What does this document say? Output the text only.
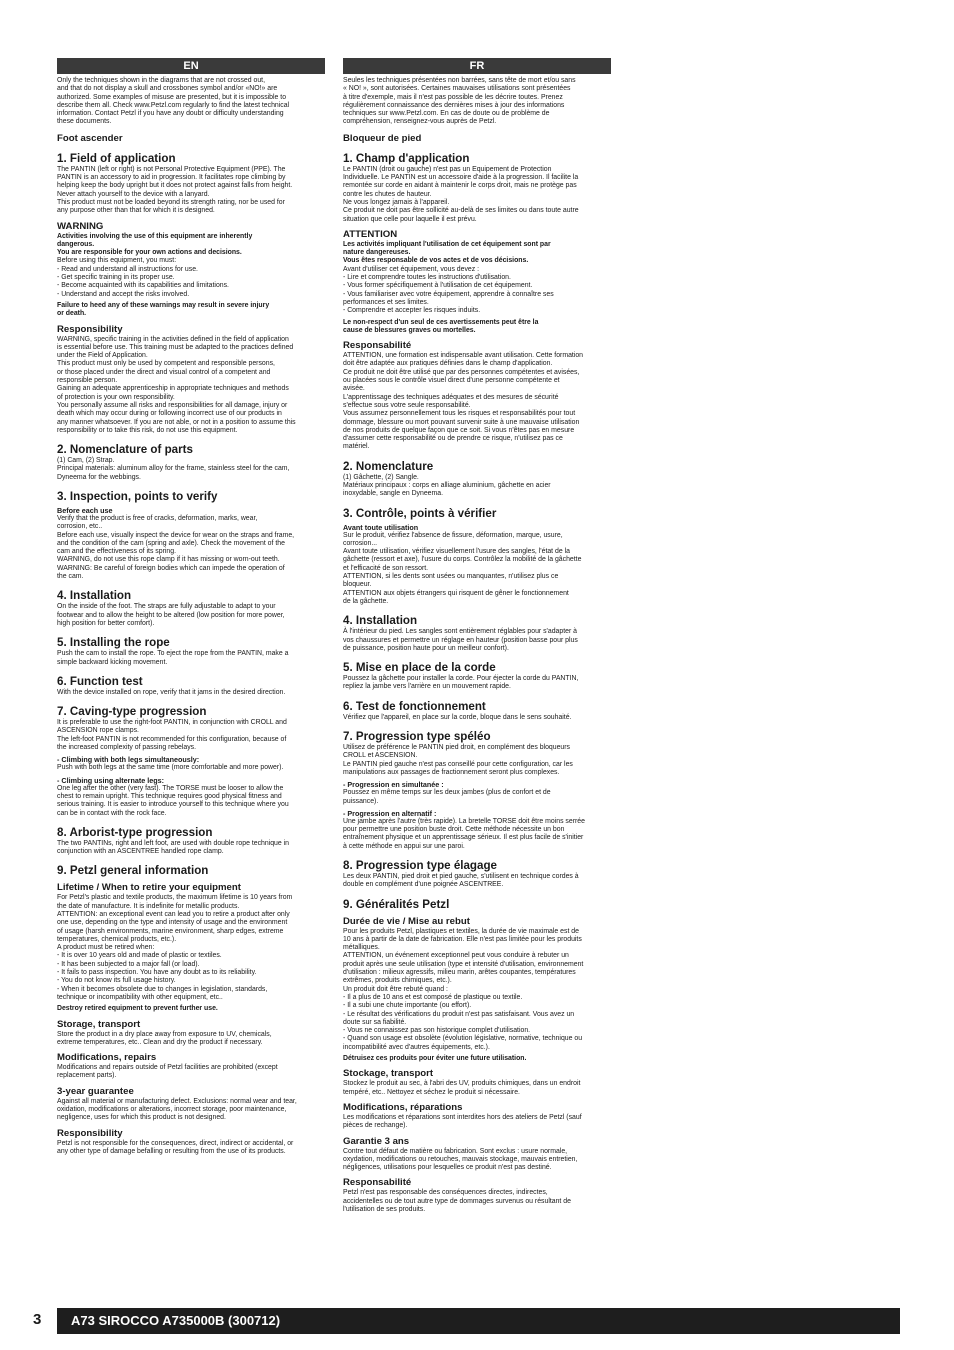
EN

Only the techniques shown in the diagrams that are not crossed out,
and that do not display a skull and crossbones symbol and/or «NO!» are
authorized. Some examples of misuse are presented, but it is impossible to
describe them all. Check www.Petzl.com regularly to find the latest technical
information. Contact Petzl if you have any doubt or difficulty understanding
these documents.

Foot ascender
1. Field of application

The PANTIN (left or right) is not Personal Protective Equipment (PPE). The
PANTIN is an accessory to aid in progression. It facilitates rope climbing by
helping keep the body upright but it does not protect against falls from height.
Never attach yourself to the device with a lanyard.
This product must not be loaded beyond its strength rating, nor be used for
any purpose other than that for which it is designed.

WARNING

Activities involving the use of this equipment are inherently
dangerous.
You are responsible for your own actions and decisions.

Before using this equipment, you must:
- Read and understand all instructions for use.
- Get specific training in its proper use.
- Become acquainted with its capabilities and limitations.
- Understand and accept the risks involved.

Failure to heed any of these warnings may result in severe injury
or death.

Responsibility

WARNING, specific training in the activities defined in the field of application
is essential before use. This training must be adapted to the practices defined
under the Field of Application.
This product must only be used by competent and responsible persons,
or those placed under the direct and visual control of a competent and
responsible person.
Gaining an adequate apprenticeship in appropriate techniques and methods
of protection is your own responsibility.
You personally assume all risks and responsibilities for all damage, injury or
death which may occur during or following incorrect use of our products in
any manner whatsoever. If you are not able, or not in a position to assume this
responsibility or to take this risk, do not use this equipment.

2. Nomenclature of parts

(1) Cam, (2) Strap.
Principal materials: aluminum alloy for the frame, stainless steel for the cam,
Dyneema for the webbings.

3. Inspection, points to verify
Before each use

Verify that the product is free of cracks, deformation, marks, wear,
corrosion, etc..
Before each use, visually inspect the device for wear on the straps and frame,
and the condition of the cam (spring and axle). Check the movement of the
cam and the effectiveness of its spring.
WARNING, do not use this rope clamp if it has missing or worn-out teeth.
WARNING: Be careful of foreign bodies which can impede the operation of
the cam.

4. Installation

On the inside of the foot. The straps are fully adjustable to adapt to your
footwear and to allow the height to be altered (low position for more power,
high position for better comfort).

5. Installing the rope

Push the cam to install the rope. To eject the rope from the PANTIN, make a
simple backward kicking movement.

6. Function test

With the device installed on rope, verify that it jams in the desired direction.

7. Caving-type progression

It is preferable to use the right-foot PANTIN, in conjunction with CROLL and
ASCENSION rope clamps.
The left-foot PANTIN is not recommended for this configuration, because of
the increased complexity of passing rebelays.

- Climbing with both legs simultaneously:

Push with both legs at the same time (more comfortable and more power).

- Climbing using alternate legs:

One leg after the other (very fast). The TORSE must be looser to allow the
chest to remain upright. This technique requires good physical fitness and
serious training. It is easier to introduce yourself to this technique where you
can be in contact with the rock face.

8. Arborist-type progression

The two PANTINs, right and left foot, are used with double rope technique in
conjunction with an ASCENTREE handled rope clamp.

9. Petzl general information
Lifetime / When to retire your equipment

For Petzl's plastic and textile products, the maximum lifetime is 10 years from
the date of manufacture. It is indefinite for metallic products.
ATTENTION: an exceptional event can lead you to retire a product after only
one use, depending on the type and intensity of usage and the environment
of usage (harsh environments, marine environment, sharp edges, extreme
temperatures, chemical products, etc.).
A product must be retired when:
- It is over 10 years old and made of plastic or textiles.
- It has been subjected to a major fall (or load).
- It fails to pass inspection. You have any doubt as to its reliability.
- You do not know its full usage history.
- When it becomes obsolete due to changes in legislation, standards,
technique or incompatibility with other equipment, etc..

Destroy retired equipment to prevent further use.

Storage, transport

Store the product in a dry place away from exposure to UV, chemicals,
extreme temperatures, etc.. Clean and dry the product if necessary.

Modifications, repairs

Modifications and repairs outside of Petzl facilities are prohibited (except
replacement parts).

3-year guarantee

Against all material or manufacturing defect. Exclusions: normal wear and tear,
oxidation, modifications or alterations, incorrect storage, poor maintenance,
negligence, uses for which this product is not designed.

Responsibility

Petzl is not responsible for the consequences, direct, indirect or accidental, or
any other type of damage befalling or resulting from the use of its products.

FR

Seules les techniques présentées non barrées, sans tête de mort et/ou sans
« NO! », sont autorisées. Certaines mauvaises utilisations sont présentées
à titre d'exemple, mais il n'est pas possible de les décrire toutes. Prenez
régulièrement connaissance des dernières mises à jour des informations
techniques sur www.Petzl.com. En cas de doute ou de problème de
compréhension, renseignez-vous auprès de Petzl.

Bloqueur de pied
1. Champ d'application

Le PANTIN (droit ou gauche) n'est pas un Equipement de Protection
Individuelle. Le PANTIN est un accessoire d'aide à la progression. Il facilite la
remontée sur corde en aidant à maintenir le corps droit, mais ne protège pas
contre les chutes de hauteur.
Ne vous longez jamais à l'appareil.
Ce produit ne doit pas être sollicité au-delà de ses limites ou dans toute autre
situation que celle pour laquelle il est prévu.

ATTENTION

Les activités impliquant l'utilisation de cet équipement sont par
nature dangereuses.
Vous êtes responsable de vos actes et de vos décisions.

Avant d'utiliser cet équipement, vous devez :
- Lire et comprendre toutes les instructions d'utilisation.
- Vous former spécifiquement à l'utilisation de cet équipement.
- Vous familiariser avec votre équipement, apprendre à connaître ses
performances et ses limites.
- Comprendre et accepter les risques induits.

Le non-respect d'un seul de ces avertissements peut être la
cause de blessures graves ou mortelles.

Responsabilité

ATTENTION, une formation est indispensable avant utilisation. Cette formation
doit être adaptée aux pratiques définies dans le champ d'application.
Ce produit ne doit être utilisé que par des personnes compétentes et avisées,
ou placées sous le contrôle visuel direct d'une personne compétente et
avisée.
L'apprentissage des techniques adéquates et des mesures de sécurité
s'effectue sous votre seule responsabilité.
Vous assumez personnellement tous les risques et responsabilités pour tout
dommage, blessure ou mort pouvant survenir suite à une mauvaise utilisation
de nos produits de quelque façon que ce soit. Si vous n'êtes pas en mesure
d'assumer cette responsabilité ou de prendre ce risque, n'utilisez pas ce
matériel.

2. Nomenclature

(1) Gâchette, (2) Sangle.
Matériaux principaux : corps en alliage aluminium, gâchette en acier
inoxydable, sangle en Dyneema.

3. Contrôle, points à vérifier
Avant toute utilisation

Sur le produit, vérifiez l'absence de fissure, déformation, marque, usure,
corrosion...
Avant toute utilisation, vérifiez visuellement l'usure des sangles, l'état de la
gâchette (ressort et axe), l'usure du corps. Contrôlez la mobilité de la gâchette
et l'efficacité de son ressort.
ATTENTION, si les dents sont usées ou manquantes, n'utilisez plus ce
bloqueur.
ATTENTION aux objets étrangers qui risquent de gêner le fonctionnement
de la gâchette.

4. Installation

À l'intérieur du pied. Les sangles sont entièrement réglables pour s'adapter à
vos chaussures et permettre un réglage en hauteur (position basse pour plus
de puissance, position haute pour un meilleur confort).

5. Mise en place de la corde

Poussez la gâchette pour installer la corde. Pour éjecter la corde du PANTIN,
repliez la jambe vers l'arrière en un mouvement rapide.

6. Test de fonctionnement

Vérifiez que l'appareil, en place sur la corde, bloque dans le sens souhaité.

7. Progression type spéléo

Utilisez de préférence le PANTIN pied droit, en complément des bloqueurs
CROLL et ASCENSION.
Le PANTIN pied gauche n'est pas conseillé pour cette configuration, car les
manipulations aux passages de fractionnement seront plus complexes.

- Progression en simultanée :

Poussez en même temps sur les deux jambes (plus de confort et de
puissance).

- Progression en alternatif :

Une jambe après l'autre (très rapide). La bretelle TORSE doit être moins serrée
pour permettre une position buste droit. Cette méthode nécessite un bon
entraînement physique et un apprentissage sérieux. Il est plus facile de s'initier
à cette méthode en appui sur une paroi.

8. Progression type élagage

Les deux PANTIN, pied droit et pied gauche, s'utilisent en technique cordes à
double en complément d'une poignée ASCENTREE.

9. Généralités Petzl
Durée de vie / Mise au rebut

Pour les produits Petzl, plastiques et textiles, la durée de vie maximale est de
10 ans à partir de la date de fabrication. Elle n'est pas limitée pour les produits
métalliques.
ATTENTION, un événement exceptionnel peut vous conduire à rebuter un
produit après une seule utilisation (type et intensité d'utilisation, environnement
d'utilisation : milieux agressifs, milieu marin, arêtes coupantes, températures
extrêmes, produits chimiques, etc.).
Un produit doit être rebuté quand :
- Il a plus de 10 ans et est composé de plastique ou textile.
- Il a subi une chute importante (ou effort).
- Le résultat des vérifications du produit n'est pas satisfaisant. Vous avez un
doute sur sa fiabilité.
- Vous ne connaissez pas son historique complet d'utilisation.
- Quand son usage est obsolète (évolution législative, normative, technique ou
incompatibilité avec d'autres équipements, etc.).

Détruisez ces produits pour éviter une future utilisation.

Stockage, transport

Stockez le produit au sec, à l'abri des UV, produits chimiques, dans un endroit
tempéré, etc.. Nettoyez et séchez le produit si nécessaire.

Modifications, réparations

Les modifications et réparations sont interdites hors des ateliers de Petzl (sauf
pièces de rechange).

Garantie 3 ans

Contre tout défaut de matière ou fabrication. Sont exclus : usure normale,
oxydation, modifications ou retouches, mauvais stockage, mauvais entretien,
négligences, utilisations pour lesquelles ce produit n'est pas destiné.

Responsabilité

Petzl n'est pas responsable des conséquences directes, indirectes,
accidentelles ou de tout autre type de dommages survenus ou résultant de
l'utilisation de ses produits.

3	A73 SIROCCO A735000B (300712)
